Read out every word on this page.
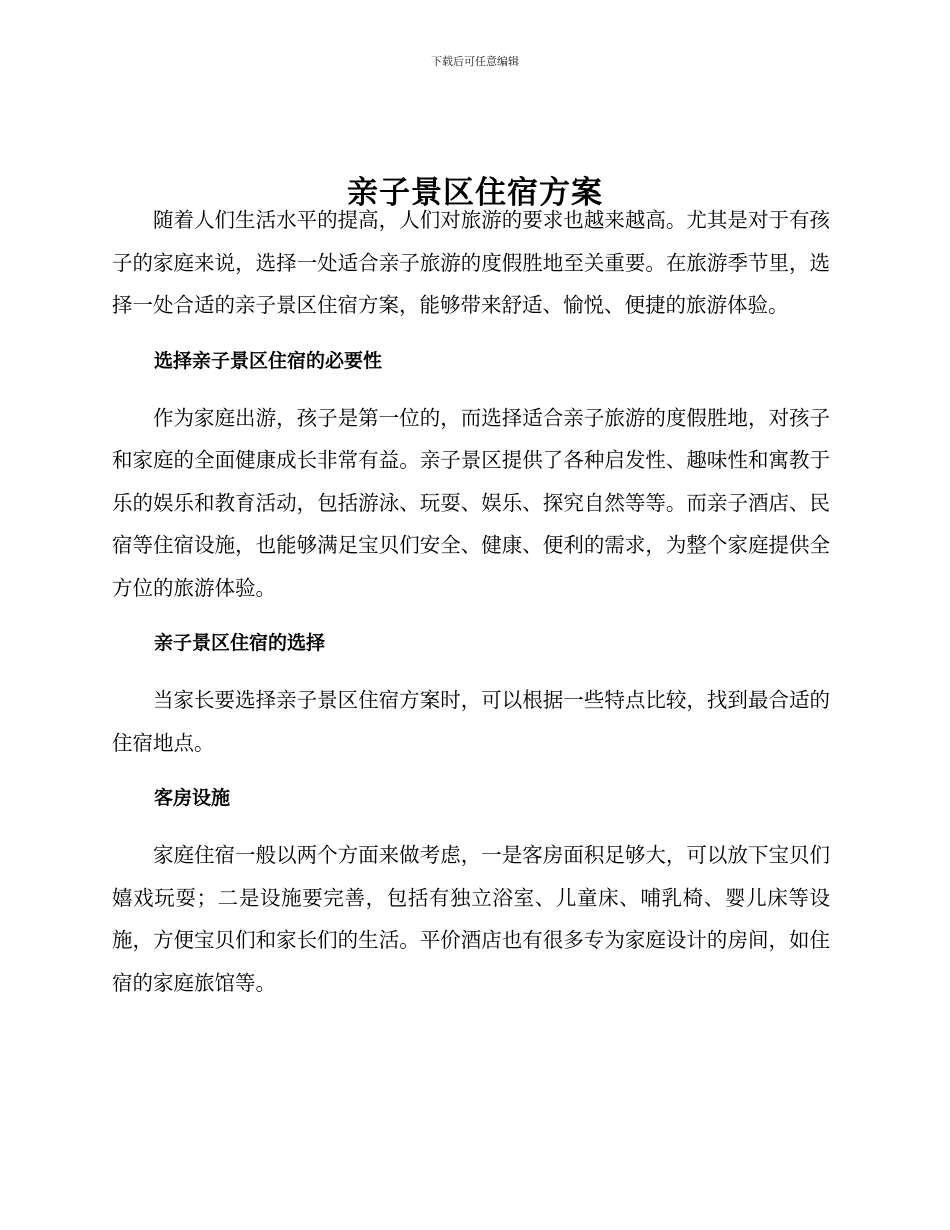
下载后可任意编辑
亲子景区住宿方案

随着人们生活水平的提高，人们对旅游的要求也越来越高。尤其是对于有孩子的家庭来说，选择一处适合亲子旅游的度假胜地至关重要。在旅游季节里，选择一处合适的亲子景区住宿方案，能够带来舒适、愉悦、便捷的旅游体验。

选择亲子景区住宿的必要性

作为家庭出游，孩子是第一位的，而选择适合亲子旅游的度假胜地，对孩子和家庭的全面健康成长非常有益。亲子景区提供了各种启发性、趣味性和寓教于乐的娱乐和教育活动，包括游泳、玩耍、娱乐、探究自然等等。而亲子酒店、民宿等住宿设施，也能够满足宝贝们安全、健康、便利的需求，为整个家庭提供全方位的旅游体验。

亲子景区住宿的选择

当家长要选择亲子景区住宿方案时，可以根据一些特点比较，找到最合适的住宿地点。

客房设施

家庭住宿一般以两个方面来做考虑，一是客房面积足够大，可以放下宝贝们嬉戏玩耍；二是设施要完善，包括有独立浴室、儿童床、哺乳椅、婴儿床等设施，方便宝贝们和家长们的生活。平价酒店也有很多专为家庭设计的房间，如住宿的家庭旅馆等。
